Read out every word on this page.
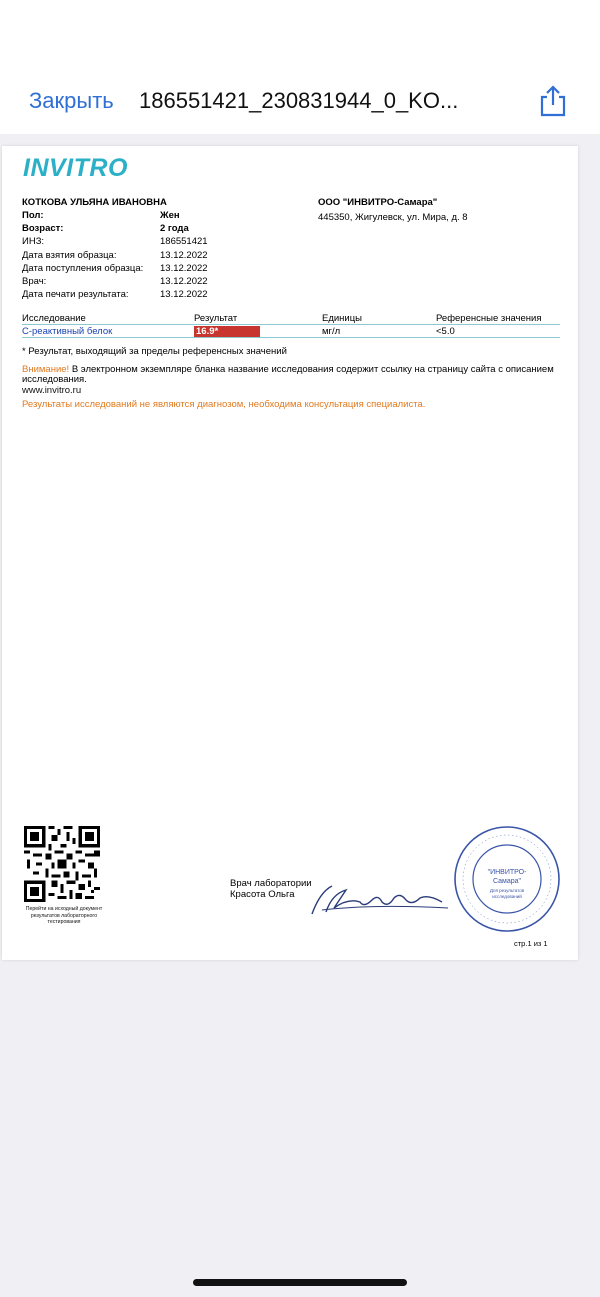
Закрыть 186551421_230831944_0_KO...
INVITRO
КОТКОВА УЛЬЯНА ИВАНОВНА
Пол:	Жен
Возраст:	2 года
ИНЗ:	186551421
Дата взятия образца:	13.12.2022
Дата поступления образца: 13.12.2022
Врач:	13.12.2022
Дата печати результата:	13.12.2022
ООО "ИНВИТРО-Самара"
445350, Жигулевск, ул. Мира, д. 8
Исследование	Результат	Единицы	Референсные значения
С-реактивный белок	16.9*	мг/л	<5.0
* Результат, выходящий за пределы референсных значений
Внимание! В электронном экземпляре бланка название исследования содержит ссылку на страницу сайта с описанием исследования.
www.invitro.ru
Результаты исследований не являются диагнозом, необходима консультация специалиста.
Перейти на исходный документ результатов лабораторного тестирования
Врач лаборатории
Красота Ольга
"ИНВИТРО-
Самара"
Для результатов
исследований
стр.1 из 1
